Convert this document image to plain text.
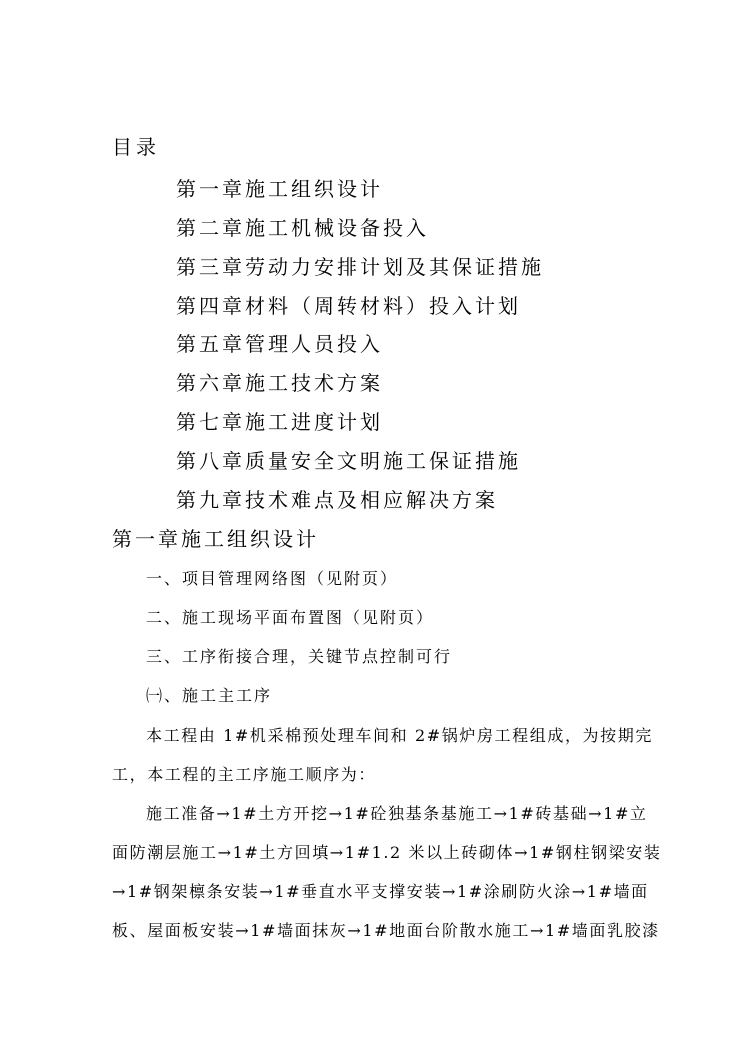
目录
第一章施工组织设计
第二章施工机械设备投入
第三章劳动力安排计划及其保证措施
第四章材料（周转材料）投入计划
第五章管理人员投入
第六章施工技术方案
第七章施工进度计划
第八章质量安全文明施工保证措施
第九章技术难点及相应解决方案
第一章施工组织设计
一、项目管理网络图（见附页）
二、施工现场平面布置图（见附页）
三、工序衔接合理，关键节点控制可行
㈠、施工主工序
本工程由 1#机采棉预处理车间和 2#锅炉房工程组成，为按期完
工，本工程的主工序施工顺序为：
施工准备→1#土方开挖→1#砼独基条基施工→1#砖基础→1#立
面防潮层施工→1#土方回填→1#1.2 米以上砖砌体→1#钢柱钢梁安装
→1#钢架檩条安装→1#垂直水平支撑安装→1#涂刷防火涂→1#墙面
板、屋面板安装→1#墙面抹灰→1#地面台阶散水施工→1#墙面乳胶漆
